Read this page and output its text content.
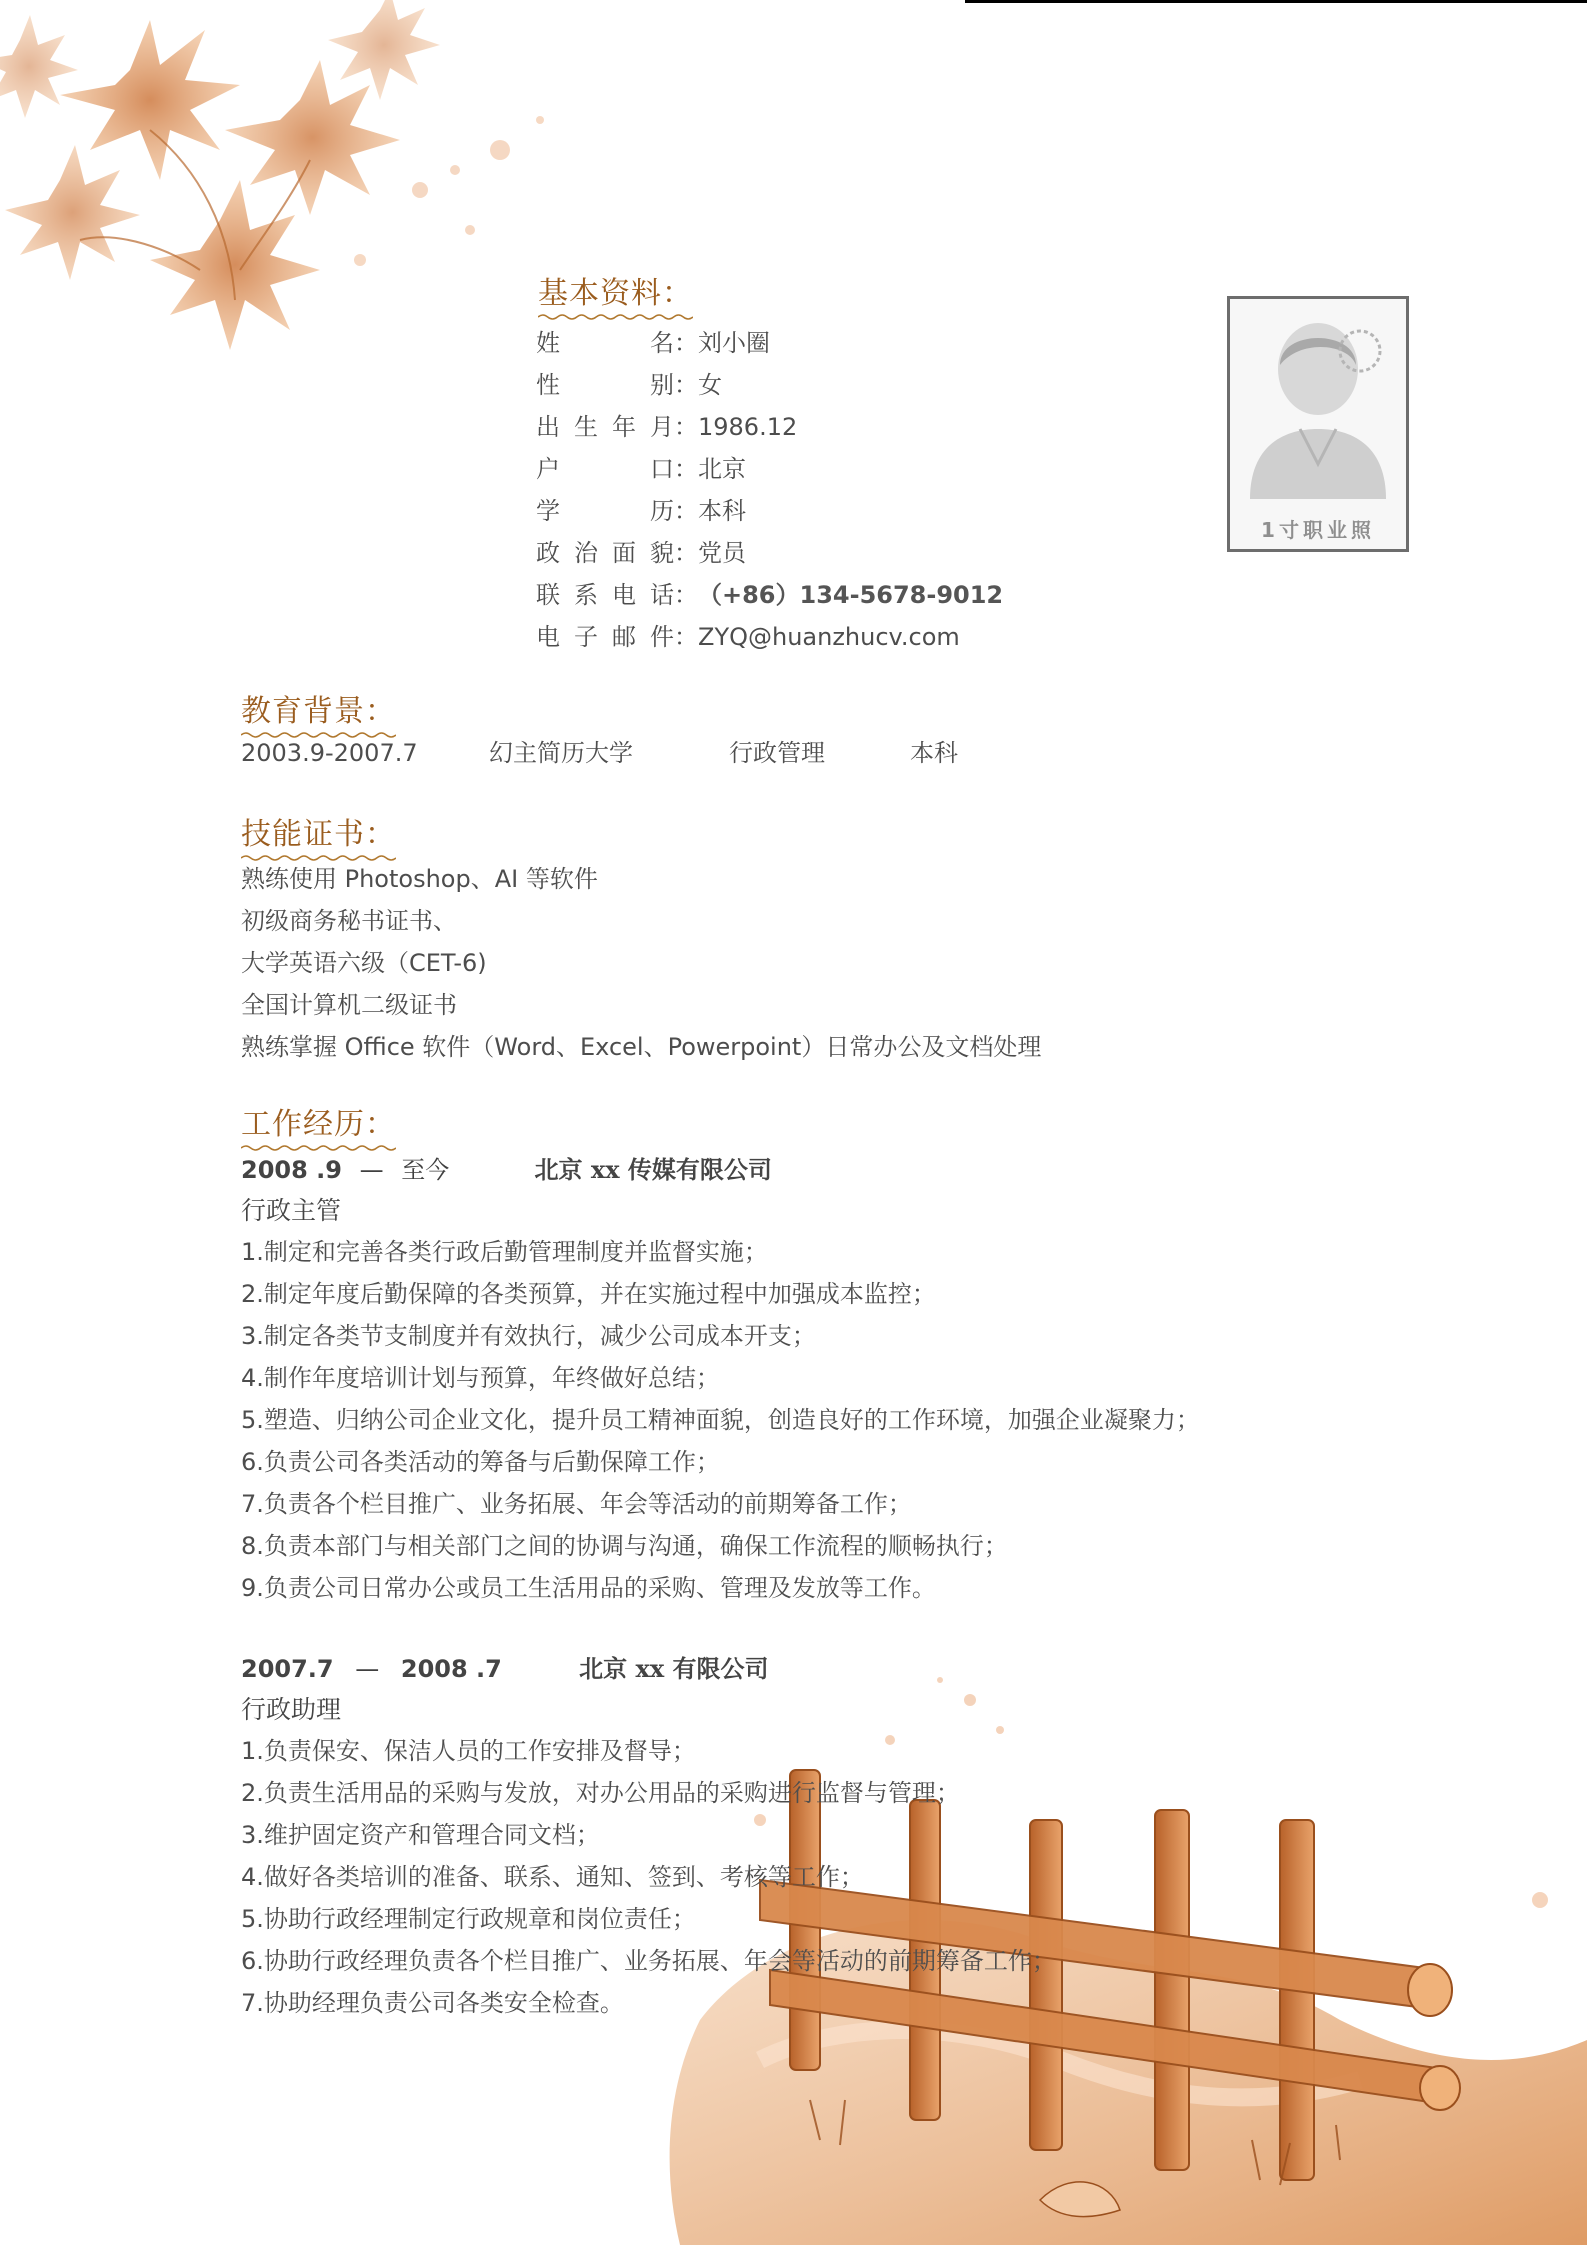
基本资料：
姓名：刘小圈
性别：女
出生年月：1986.12
户口：北京
学历：本科
政治面貌：党员
联系电话：（+86）134-5678-9012
电子邮件：ZYQ@huanzhucv.com
1寸职业照
教育背景：
2003.9-2007.7	幻主简历大学	行政管理	本科
技能证书：
熟练使用 Photoshop、AI 等软件
初级商务秘书证书、
大学英语六级（CET-6)
全国计算机二级证书
熟练掌握 Office 软件（Word、Excel、Powerpoint）日常办公及文档处理
工作经历：
2008 .9 — 至今	北京 xx 传媒有限公司
行政主管
1.制定和完善各类行政后勤管理制度并监督实施；
2.制定年度后勤保障的各类预算，并在实施过程中加强成本监控；
3.制定各类节支制度并有效执行，减少公司成本开支；
4.制作年度培训计划与预算，年终做好总结；
5.塑造、归纳公司企业文化，提升员工精神面貌，创造良好的工作环境，加强企业凝聚力；
6.负责公司各类活动的筹备与后勤保障工作；
7.负责各个栏目推广、业务拓展、年会等活动的前期筹备工作；
8.负责本部门与相关部门之间的协调与沟通，确保工作流程的顺畅执行；
9.负责公司日常办公或员工生活用品的采购、管理及发放等工作。
2007.7 — 2008 .7	北京 xx 有限公司
行政助理
1.负责保安、保洁人员的工作安排及督导；
2.负责生活用品的采购与发放，对办公用品的采购进行监督与管理；
3.维护固定资产和管理合同文档；
4.做好各类培训的准备、联系、通知、签到、考核等工作；
5.协助行政经理制定行政规章和岗位责任；
6.协助行政经理负责各个栏目推广、业务拓展、年会等活动的前期筹备工作；
7.协助经理负责公司各类安全检查。
